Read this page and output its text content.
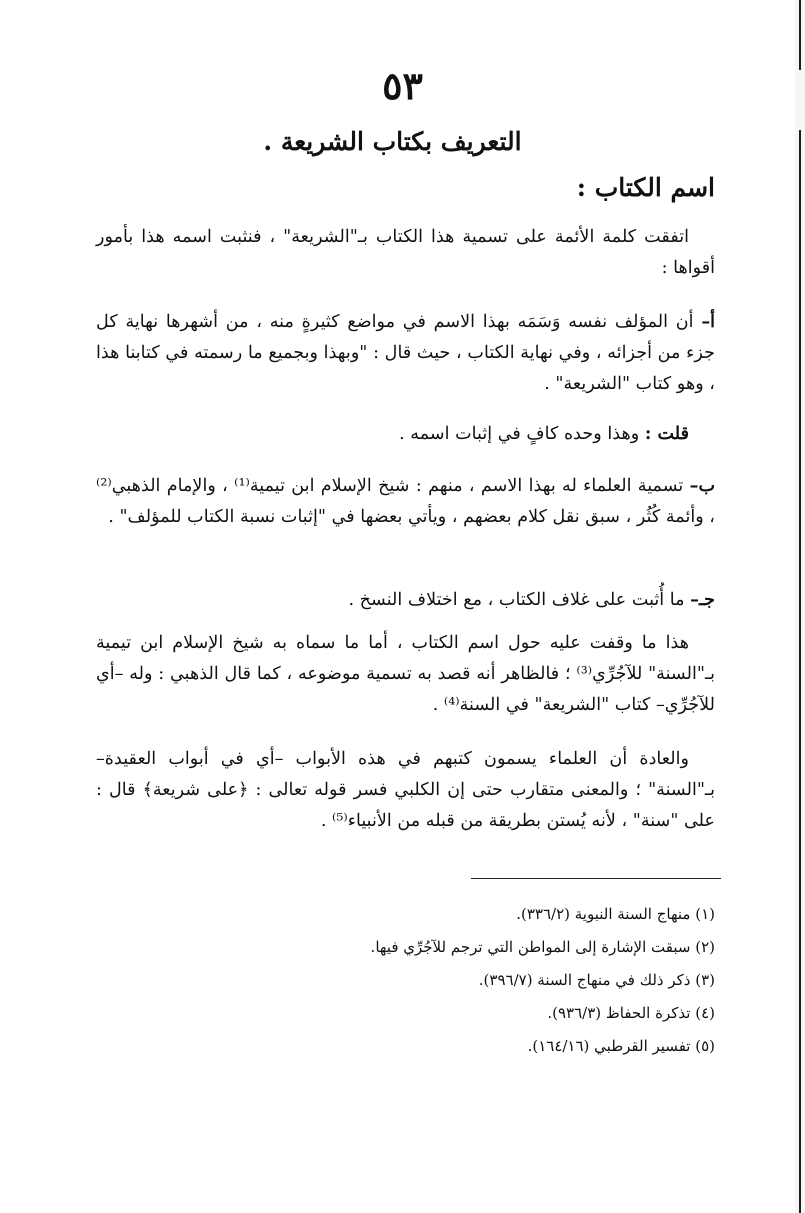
٥٣
التعريف بكتاب الشريعة .
اسم الكتاب :
اتفقت كلمة الأئمة على تسمية هذا الكتاب بـ"الشريعة" ، فنثبت اسمه هذا بأمور أقواها :
أ– أن المؤلف نفسه وَسَمَه بهذا الاسم في مواضع كثيرةٍ منه ، من أشهرها نهاية كل جزء من أجزائه ، وفي نهاية الكتاب ، حيث قال : "وبهذا وبجميع ما رسمته في كتابنا هذا ، وهو كتاب "الشريعة" .
قلت : وهذا وحده كافٍ في إثبات اسمه .
ب– تسمية العلماء له بهذا الاسم ، منهم : شيخ الإسلام ابن تيمية⁽¹⁾ ، والإمام الذهبي⁽²⁾ ، وأئمة كُثُر ، سبق نقل كلام بعضهم ، ويأتي بعضها في "إثبات نسبة الكتاب للمؤلف" .
جـ– ما أُثبت على غلاف الكتاب ، مع اختلاف النسخ .
هذا ما وقفت عليه حول اسم الكتاب ، أما ما سماه به شيخ الإسلام ابن تيمية بـ"السنة" للآجُرِّي⁽³⁾ ؛ فالظاهر أنه قصد به تسمية موضوعه ، كما قال الذهبي : وله –أي للآجُرِّي– كتاب "الشريعة" في السنة⁽⁴⁾ .
والعادة أن العلماء يسمون كتبهم في هذه الأبواب –أي في أبواب العقيدة– بـ"السنة" ؛ والمعنى متقارب حتى إن الكلبي فسر قوله تعالى : ﴿على شريعة﴾ قال : على "سنة" ، لأنه يُستن بطريقة من قبله من الأنبياء⁽⁵⁾ .
(١) منهاج السنة النبوية (٣٣٦/٢).
(٢) سبقت الإشارة إلى المواطن التي ترجم للآجُرِّي فيها.
(٣) ذكر ذلك في منهاج السنة (٣٩٦/٧).
(٤) تذكرة الحفاظ (٩٣٦/٣).
(٥) تفسير القرطبي (١٦٤/١٦).
